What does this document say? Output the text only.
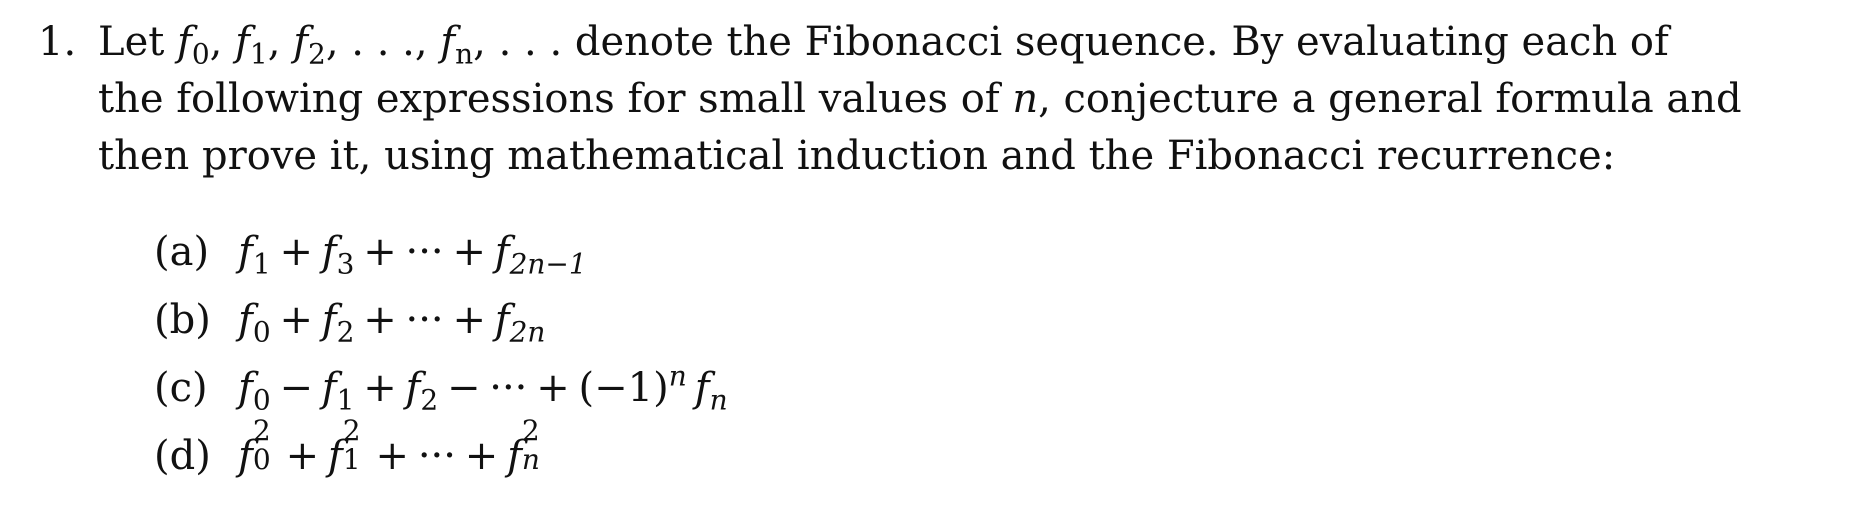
1. Let $f_0$, $f_1$, $f_2$, . . ., $f_n$, . . . denote the Fibonacci sequence. By evaluating each of
the following expressions for small values of n, conjecture a general formula and
then prove it, using mathematical induction and the Fibonacci recurrence:
(a) $f_1 + f_3$ + ··· + $f_{2n-1}$
(b) $f_0 + f_2$ + ··· + $f_{2n}$
(c) $f_0 - f_1 + f_2$ − ··· + $(-1)^n$  $f_n$
(d) f
2
0 + f
2
1 + ··· + f
2
n
